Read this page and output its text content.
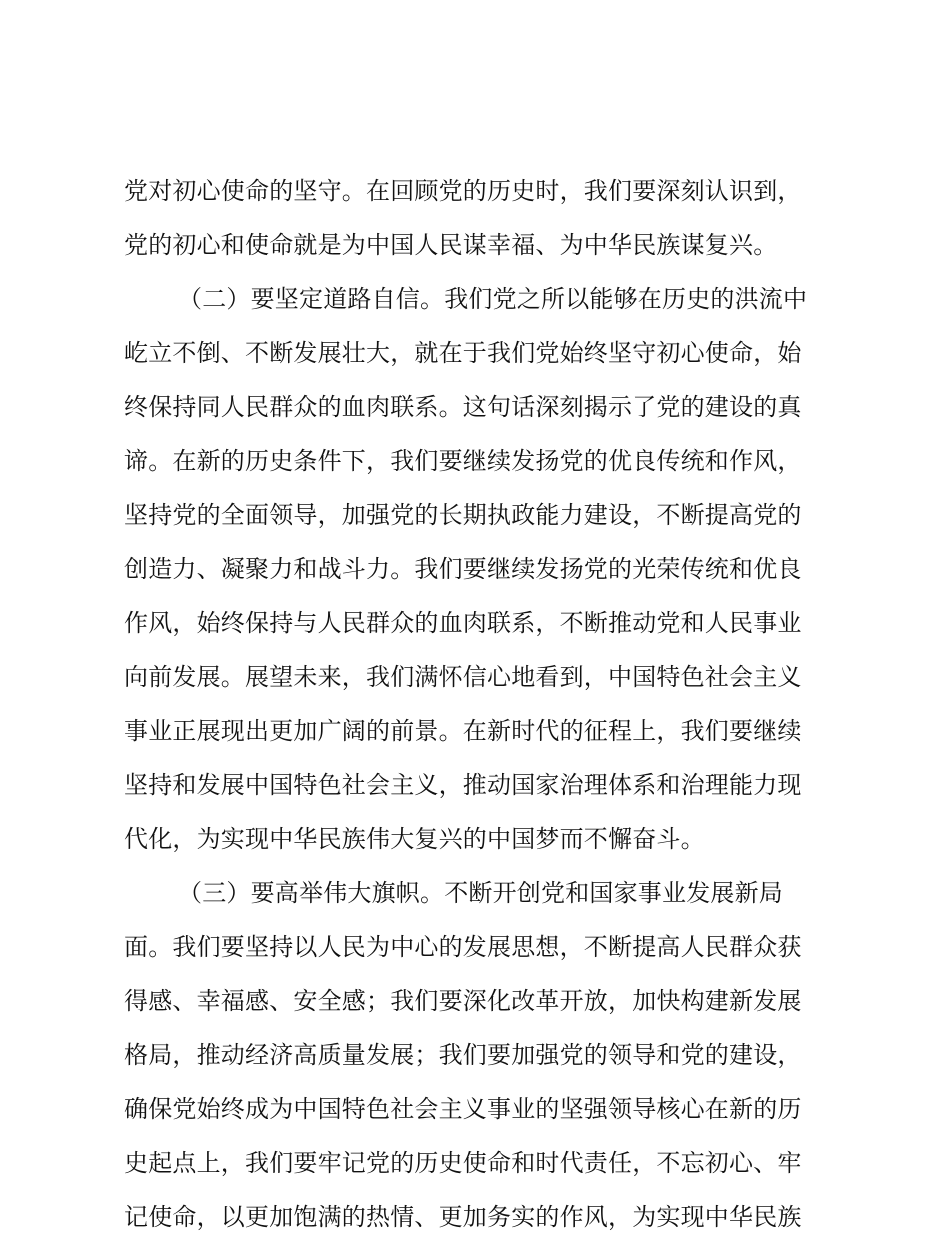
党对初心使命的坚守。在回顾党的历史时，我们要深刻认识到，
党的初心和使命就是为中国人民谋幸福、为中华民族谋复兴。
（二）要坚定道路自信。我们党之所以能够在历史的洪流中
屹立不倒、不断发展壮大，就在于我们党始终坚守初心使命，始
终保持同人民群众的血肉联系。这句话深刻揭示了党的建设的真
谛。在新的历史条件下，我们要继续发扬党的优良传统和作风，
坚持党的全面领导，加强党的长期执政能力建设，不断提高党的
创造力、凝聚力和战斗力。我们要继续发扬党的光荣传统和优良
作风，始终保持与人民群众的血肉联系，不断推动党和人民事业
向前发展。展望未来，我们满怀信心地看到，中国特色社会主义
事业正展现出更加广阔的前景。在新时代的征程上，我们要继续
坚持和发展中国特色社会主义，推动国家治理体系和治理能力现
代化，为实现中华民族伟大复兴的中国梦而不懈奋斗。
（三）要高举伟大旗帜。不断开创党和国家事业发展新局
面。我们要坚持以人民为中心的发展思想，不断提高人民群众获
得感、幸福感、安全感；我们要深化改革开放，加快构建新发展
格局，推动经济高质量发展；我们要加强党的领导和党的建设，
确保党始终成为中国特色社会主义事业的坚强领导核心在新的历
史起点上，我们要牢记党的历史使命和时代责任，不忘初心、牢
记使命，以更加饱满的热情、更加务实的作风，为实现中华民族
